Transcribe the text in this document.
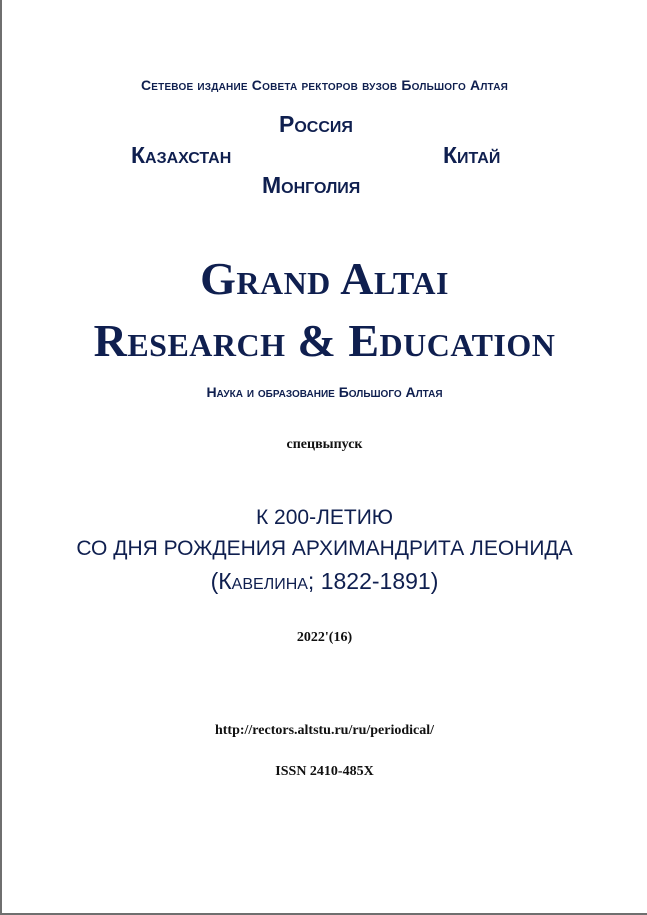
Сетевое издание Совета ректоров вузов Большого Алтая
Россия
Казахстан	Китай
Монголия
Grand Altai
Research & Education
Наука и образование Большого Алтая
спецвыпуск
К 200-ЛЕТИЮ
СО ДНЯ РОЖДЕНИЯ АРХИМАНДРИТА ЛЕОНИДА
(Кавелина; 1822-1891)
2022'(16)
http://rectors.altstu.ru/ru/periodical/
ISSN 2410-485X
